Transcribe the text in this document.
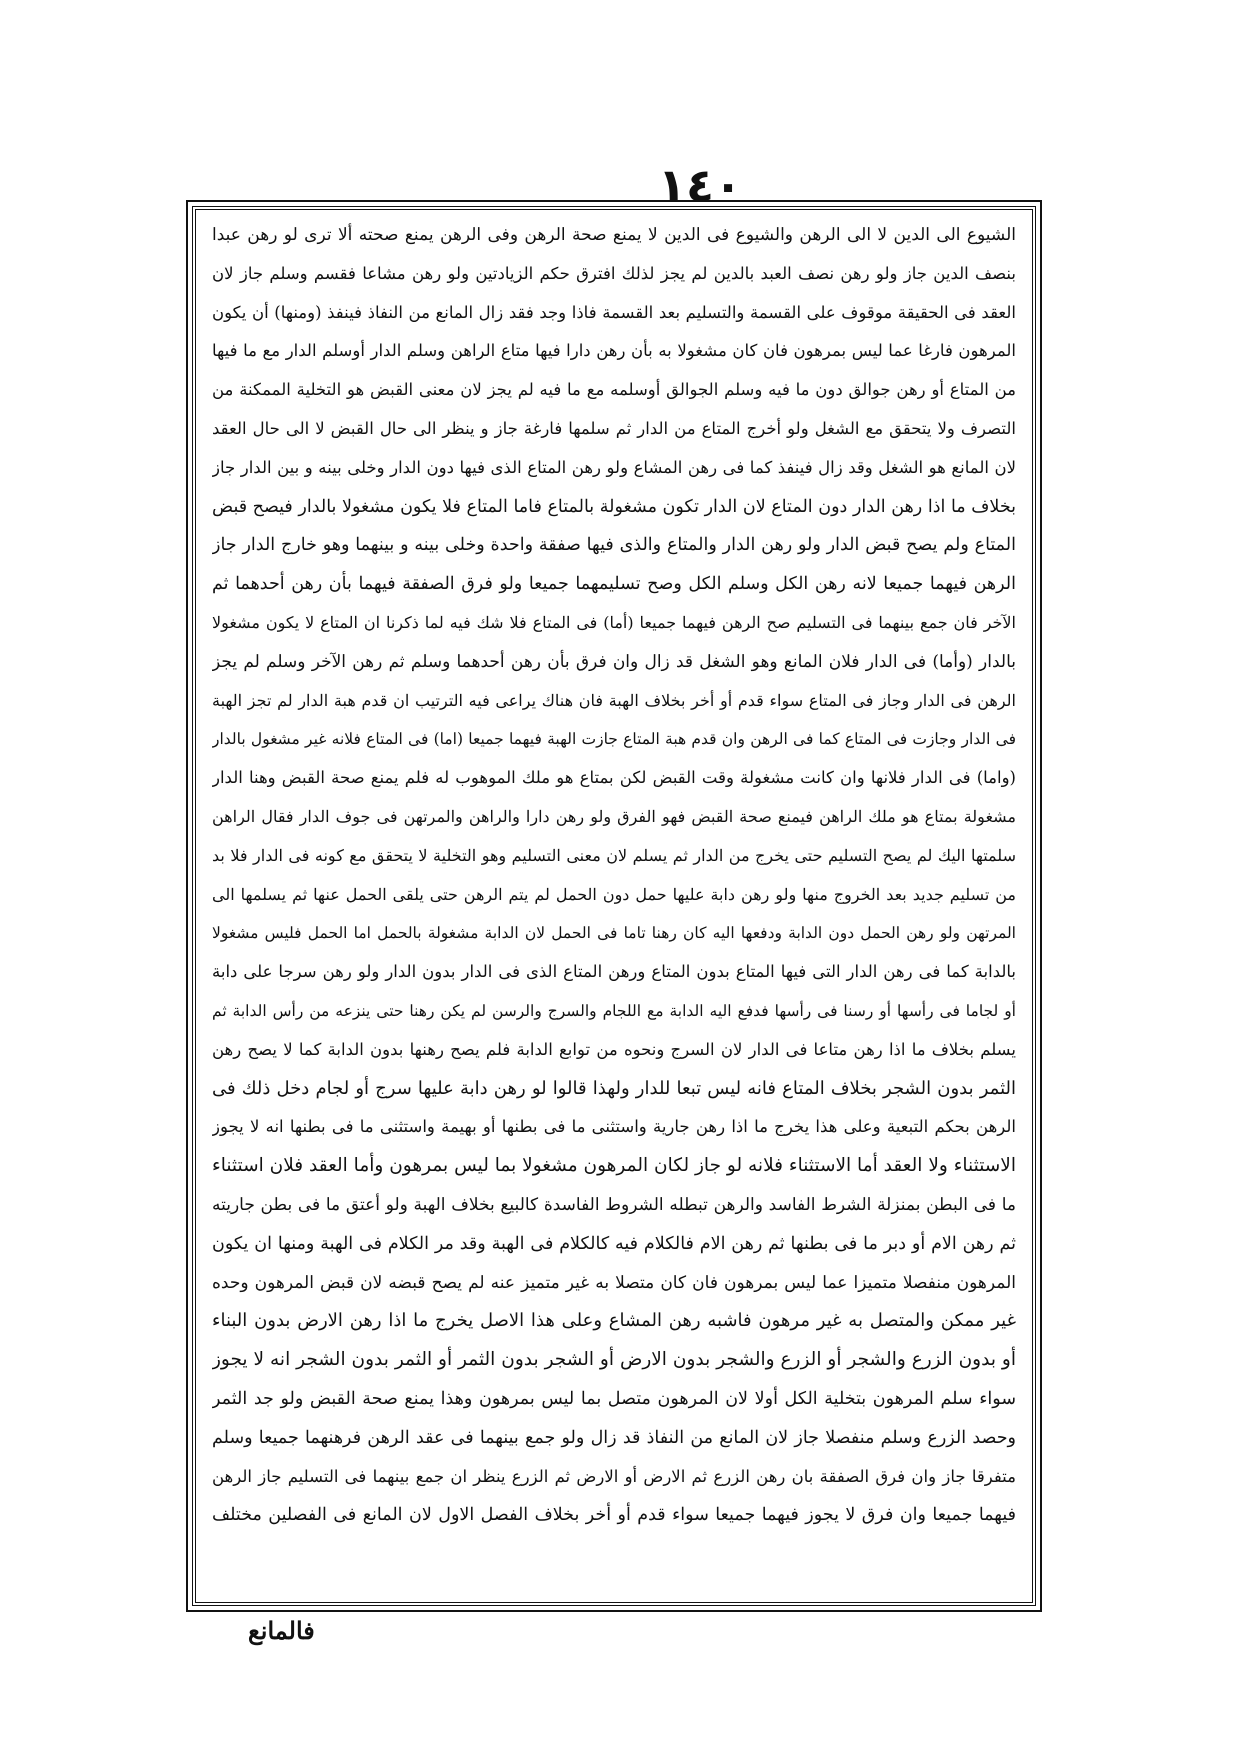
١٤٠
الشيوع الى الدين لا الى الرهن والشيوع فى الدين لا يمنع صحة الرهن وفى الرهن يمنع صحته ألا ترى لو رهن عبدا
بنصف الدين جاز ولو رهن نصف العبد بالدين لم يجز لذلك افترق حكم الزيادتين ولو رهن مشاعا فقسم وسلم جاز لان
العقد فى الحقيقة موقوف على القسمة والتسليم بعد القسمة فاذا وجد فقد زال المانع من النفاذ فينفذ (ومنها) أن يكون
المرهون فارغا عما ليس بمرهون فان كان مشغولا به بأن رهن دارا فيها متاع الراهن وسلم الدار أوسلم الدار مع ما فيها
من المتاع أو رهن جوالق دون ما فيه وسلم الجوالق أوسلمه مع ما فيه لم يجز لان معنى القبض هو التخلية الممكنة من
التصرف ولا يتحقق مع الشغل ولو أخرج المتاع من الدار ثم سلمها فارغة جاز و ينظر الى حال القبض لا الى حال العقد
لان المانع هو الشغل وقد زال فينفذ كما فى رهن المشاع ولو رهن المتاع الذى فيها دون الدار وخلى بينه و بين الدار جاز
بخلاف ما اذا رهن الدار دون المتاع لان الدار تكون مشغولة بالمتاع فاما المتاع فلا يكون مشغولا بالدار فيصح قبض
المتاع ولم يصح قبض الدار ولو رهن الدار والمتاع والذى فيها صفقة واحدة وخلى بينه و بينهما وهو خارج الدار جاز
الرهن فيهما جميعا لانه رهن الكل وسلم الكل وصح تسليمهما جميعا ولو فرق الصفقة فيهما بأن رهن أحدهما ثم
الآخر فان جمع بينهما فى التسليم صح الرهن فيهما جميعا (أما) فى المتاع فلا شك فيه لما ذكرنا ان المتاع لا يكون مشغولا
بالدار (وأما) فى الدار فلان المانع وهو الشغل قد زال وان فرق بأن رهن أحدهما وسلم ثم رهن الآخر وسلم لم يجز
الرهن فى الدار وجاز فى المتاع سواء قدم أو أخر بخلاف الهبة فان هناك يراعى فيه الترتيب ان قدم هبة الدار لم تجز الهبة
فى الدار وجازت فى المتاع كما فى الرهن وان قدم هبة المتاع جازت الهبة فيهما جميعا (اما) فى المتاع فلانه غير مشغول بالدار
(واما) فى الدار فلانها وان كانت مشغولة وقت القبض لكن بمتاع هو ملك الموهوب له فلم يمنع صحة القبض وهنا الدار
مشغولة بمتاع هو ملك الراهن فيمنع صحة القبض فهو الفرق ولو رهن دارا والراهن والمرتهن فى جوف الدار فقال الراهن
سلمتها اليك لم يصح التسليم حتى يخرج من الدار ثم يسلم لان معنى التسليم وهو التخلية لا يتحقق مع كونه فى الدار فلا بد
من تسليم جديد بعد الخروج منها ولو رهن دابة عليها حمل دون الحمل لم يتم الرهن حتى يلقى الحمل عنها ثم يسلمها الى
المرتهن ولو رهن الحمل دون الدابة ودفعها اليه كان رهنا تاما فى الحمل لان الدابة مشغولة بالحمل اما الحمل فليس مشغولا
بالدابة كما فى رهن الدار التى فيها المتاع بدون المتاع ورهن المتاع الذى فى الدار بدون الدار ولو رهن سرجا على دابة
أو لجاما فى رأسها أو رسنا فى رأسها فدفع اليه الدابة مع اللجام والسرج والرسن لم يكن رهنا حتى ينزعه من رأس الدابة ثم
يسلم بخلاف ما اذا رهن متاعا فى الدار لان السرج ونحوه من توابع الدابة فلم يصح رهنها بدون الدابة كما لا يصح رهن
الثمر بدون الشجر بخلاف المتاع فانه ليس تبعا للدار ولهذا قالوا لو رهن دابة عليها سرج أو لجام دخل ذلك فى
الرهن بحكم التبعية وعلى هذا يخرج ما اذا رهن جارية واستثنى ما فى بطنها أو بهيمة واستثنى ما فى بطنها انه لا يجوز
الاستثناء ولا العقد أما الاستثناء فلانه لو جاز لكان المرهون مشغولا بما ليس بمرهون وأما العقد فلان استثناء
ما فى البطن بمنزلة الشرط الفاسد والرهن تبطله الشروط الفاسدة كالبيع بخلاف الهبة ولو أعتق ما فى بطن جاريته
ثم رهن الام أو دبر ما فى بطنها ثم رهن الام فالكلام فيه كالكلام فى الهبة وقد مر الكلام فى الهبة ومنها ان يكون
المرهون منفصلا متميزا عما ليس بمرهون فان كان متصلا به غير متميز عنه لم يصح قبضه لان قبض المرهون وحده
غير ممكن والمتصل به غير مرهون فاشبه رهن المشاع وعلى هذا الاصل يخرج ما اذا رهن الارض بدون البناء
أو بدون الزرع والشجر أو الزرع والشجر بدون الارض أو الشجر بدون الثمر أو الثمر بدون الشجر انه لا يجوز
سواء سلم المرهون بتخلية الكل أولا لان المرهون متصل بما ليس بمرهون وهذا يمنع صحة القبض ولو جد الثمر
وحصد الزرع وسلم منفصلا جاز لان المانع من النفاذ قد زال ولو جمع بينهما فى عقد الرهن فرهنهما جميعا وسلم
متفرقا جاز وان فرق الصفقة بان رهن الزرع ثم الارض أو الارض ثم الزرع ينظر ان جمع بينهما فى التسليم جاز الرهن
فيهما جميعا وان فرق لا يجوز فيهما جميعا سواء قدم أو أخر بخلاف الفصل الاول لان المانع فى الفصلين مختلف
فالمانع
